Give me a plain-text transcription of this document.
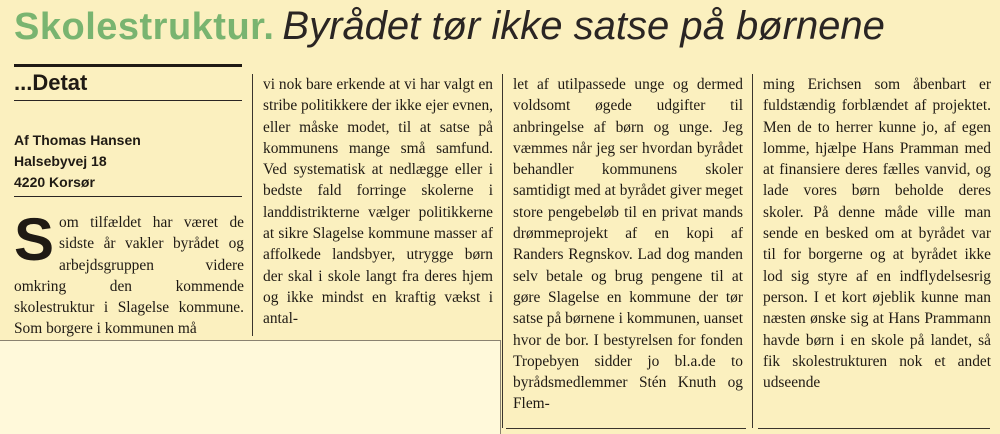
Skolestruktur. Byrådet tør ikke satse på børnene
...Detat
Af Thomas Hansen
Halsebyvej 18
4220 Korsør
Som tilfældet har været de sidste år vakler byrådet og arbejdsgruppen videre omkring den kommende skolestruktur i Slagelse kommune. Som borgere i kommunen må
vi nok bare erkende at vi har valgt en stribe politikkere der ikke ejer evnen, eller måske modet, til at satse på kommunens mange små samfund. Ved systematisk at nedlægge eller i bedste fald forringe skolerne i landdistrikterne vælger politikkerne at sikre Slagelse kommune masser af affolkede landsbyer, utrygge børn der skal i skole langt fra deres hjem og ikke mindst en kraftig vækst i antal-
let af utilpassede unge og dermed voldsomt øgede udgifter til anbringelse af børn og unge. Jeg væmmes når jeg ser hvordan byrådet behandler kommunens skoler samtidigt med at byrådet giver meget store pengebeløb til en privat mands drømmeprojekt af en kopi af Randers Regnskov. Lad dog manden selv betale og brug pengene til at gøre Slagelse en kommune der tør satse på børnene i kommunen, uanset hvor de bor. I bestyrelsen for fonden Tropebyen sidder jo bl.a.de to byrådsmedlemmer Stén Knuth og Flem-
ming Erichsen som åbenbart er fuldstændig forblændet af projektet. Men de to herrer kunne jo, af egen lomme, hjælpe Hans Pramman med at finansiere deres fælles vanvid, og lade vores børn beholde deres skoler. På denne måde ville man sende en besked om at byrådet var til for borgerne og at byrådet ikke lod sig styre af en indflydelsesrig person. I et kort øjeblik kunne man næsten ønske sig at Hans Prammann havde børn i en skole på landet, så fik skolestrukturen nok et andet udseende
